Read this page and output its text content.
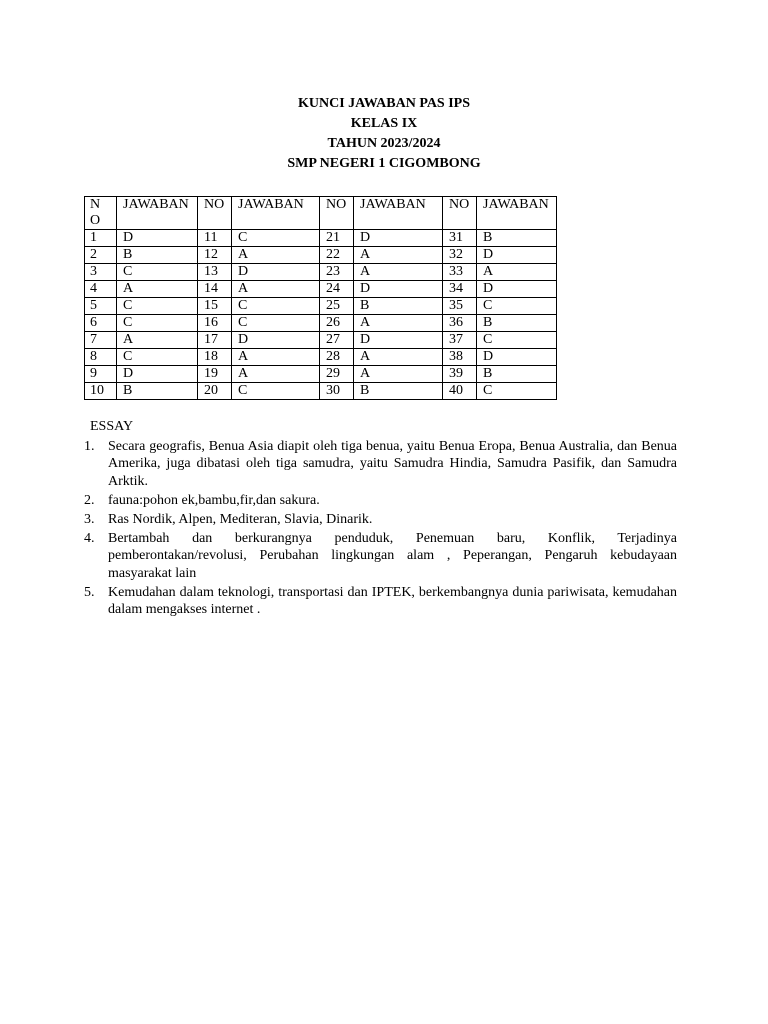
KUNCI JAWABAN PAS IPS
KELAS IX
TAHUN 2023/2024
SMP NEGERI 1 CIGOMBONG
NO	JAWABAN	NO	JAWABAN	NO	JAWABAN	NO	JAWABAN
1	D	11	C	21	D	31	B
2	B	12	A	22	A	32	D
3	C	13	D	23	A	33	A
4	A	14	A	24	D	34	D
5	C	15	C	25	B	35	C
6	C	16	C	26	A	36	B
7	A	17	D	27	D	37	C
8	C	18	A	28	A	38	D
9	D	19	A	29	A	39	B
10	B	20	C	30	B	40	C
ESSAY
1. Secara geografis, Benua Asia diapit oleh tiga benua, yaitu Benua Eropa, Benua Australia, dan Benua Amerika, juga dibatasi oleh tiga samudra, yaitu Samudra Hindia, Samudra Pasifik, dan Samudra Arktik.
2. fauna:pohon ek,bambu,fir,dan sakura.
3. Ras Nordik, Alpen, Mediteran, Slavia, Dinarik.
4. Bertambah dan berkurangnya penduduk, Penemuan baru, Konflik, Terjadinya pemberontakan/revolusi, Perubahan lingkungan alam , Peperangan, Pengaruh kebudayaan masyarakat lain
5. Kemudahan dalam teknologi, transportasi dan IPTEK, berkembangnya dunia pariwisata, kemudahan dalam mengakses internet .
